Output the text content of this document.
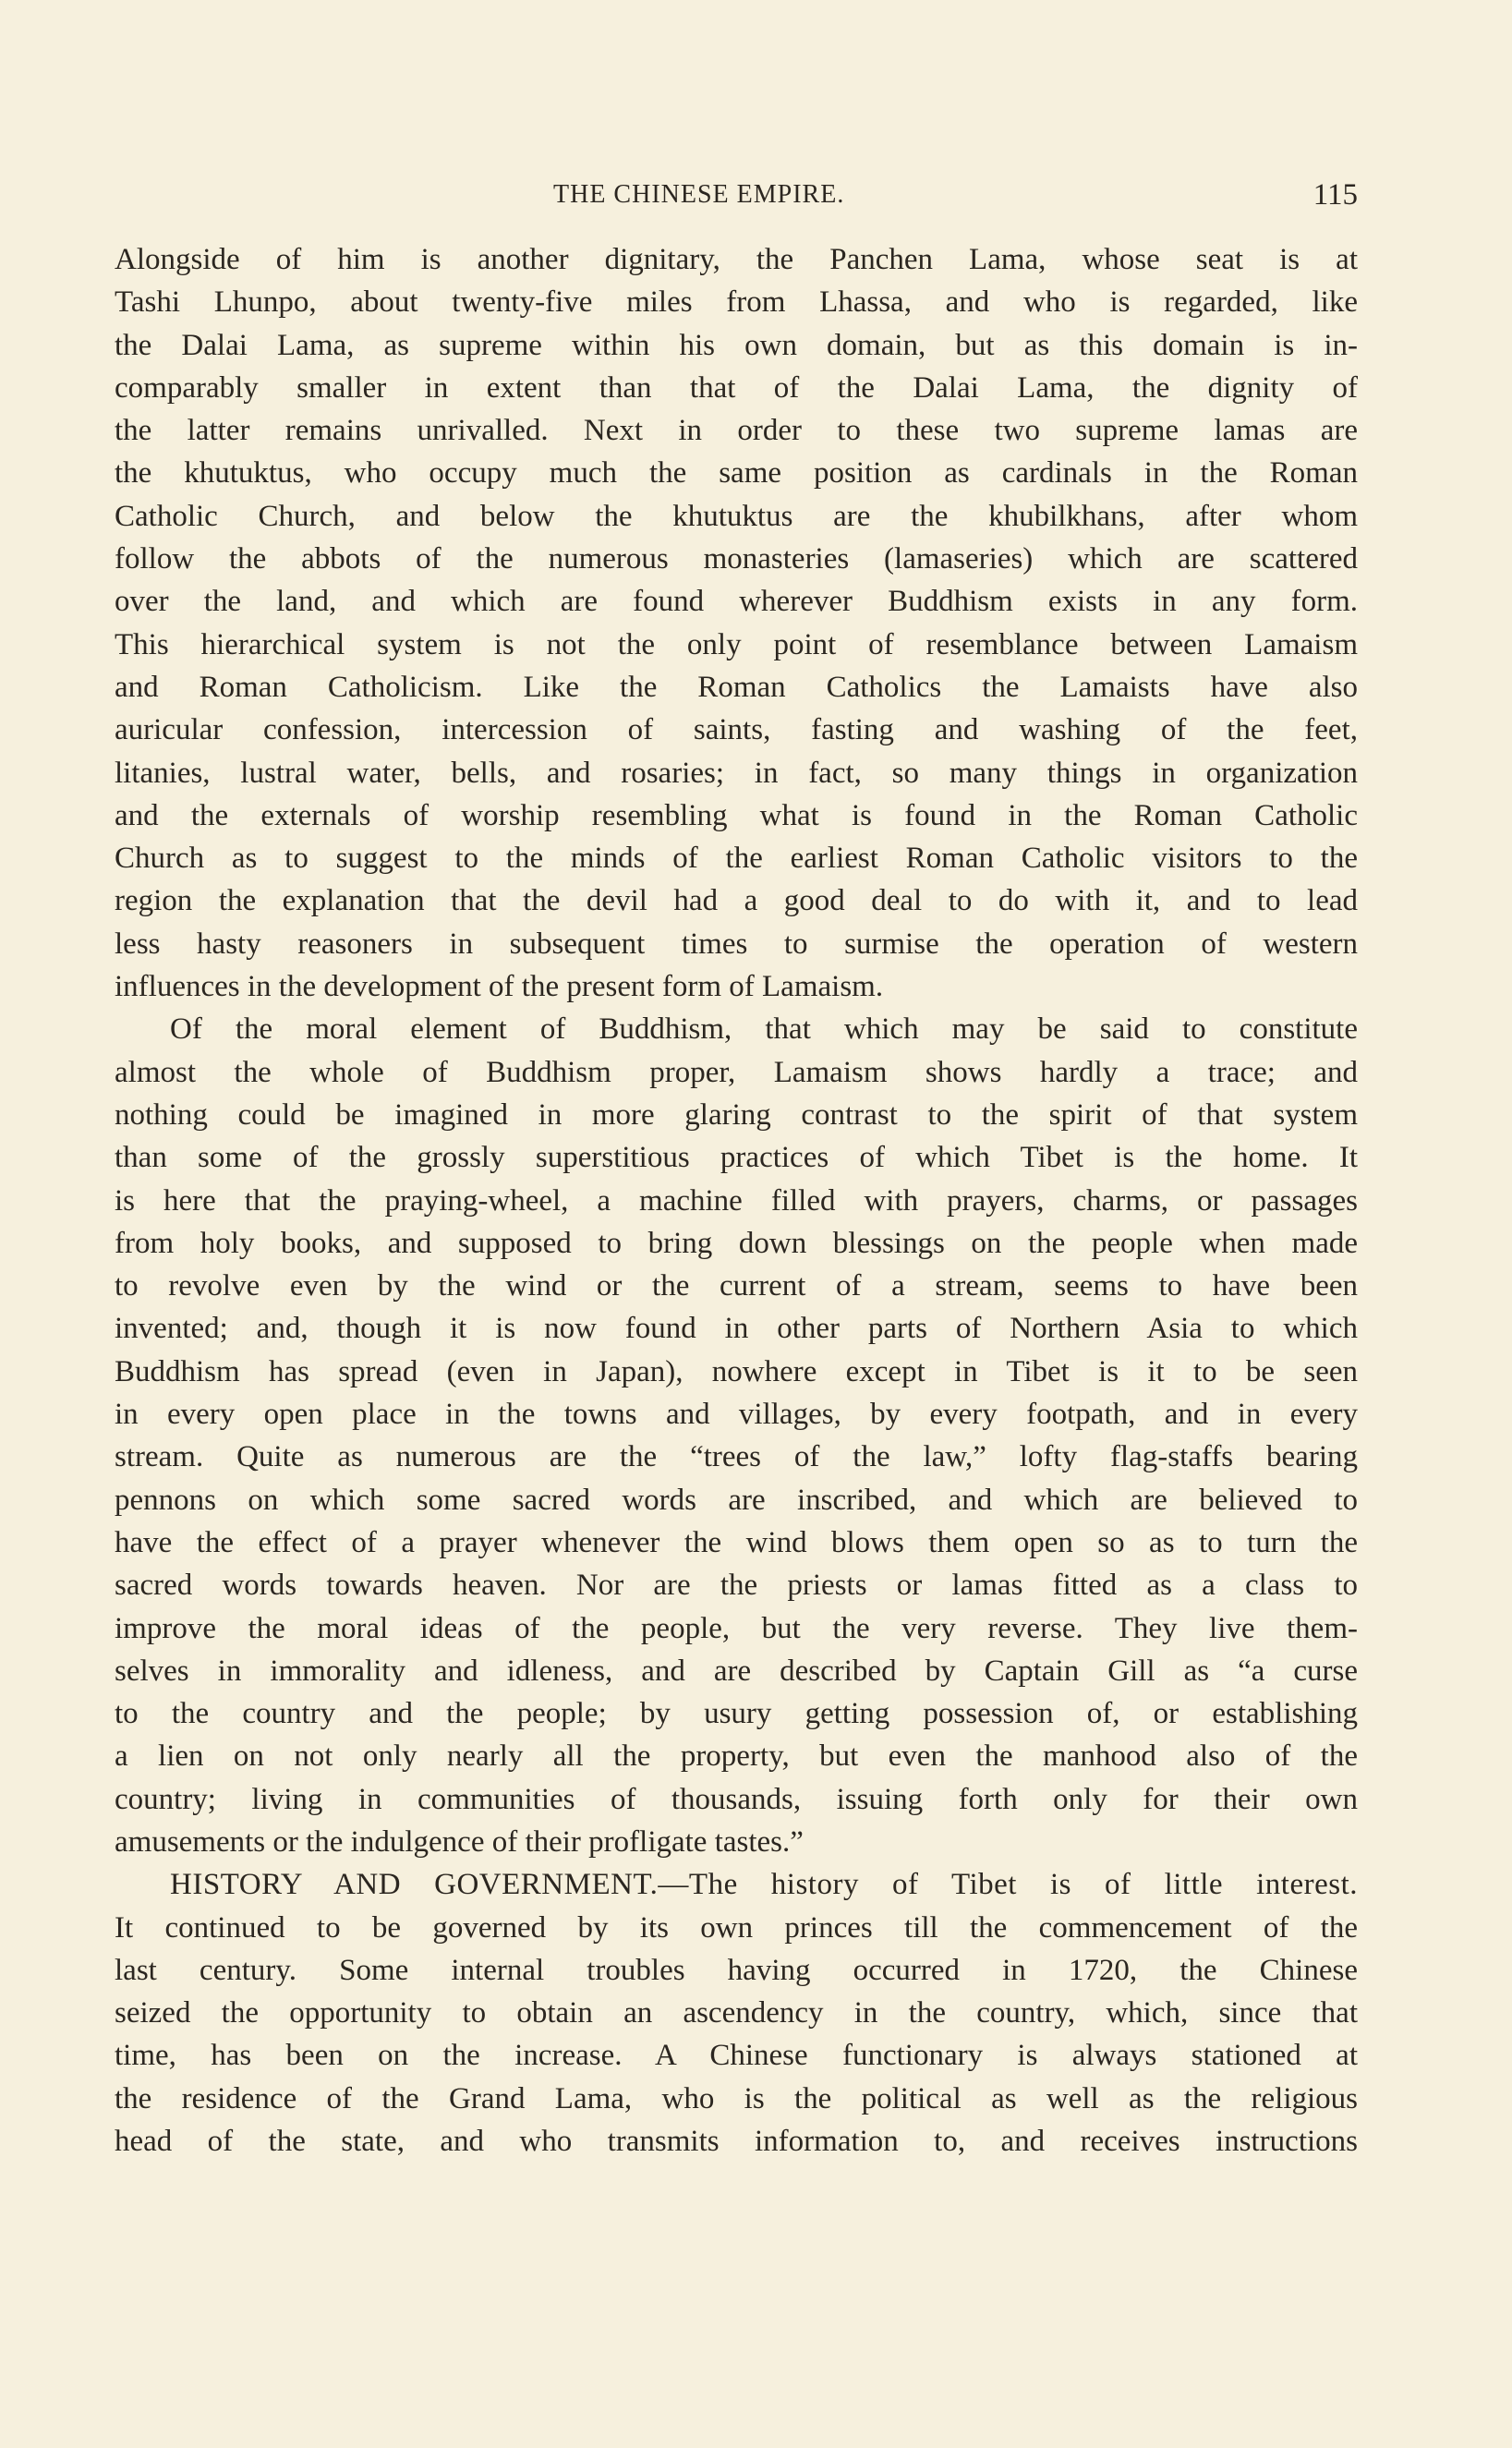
THE CHINESE EMPIRE.	115
Alongside of him is another dignitary, the Panchen Lama, whose seat is at
Tashi Lhunpo, about twenty-five miles from Lhassa, and who is regarded, like
the Dalai Lama, as supreme within his own domain, but as this domain is in-
comparably smaller in extent than that of the Dalai Lama, the dignity of
the latter remains unrivalled. Next in order to these two supreme lamas are
the khutuktus, who occupy much the same position as cardinals in the Roman
Catholic Church, and below the khutuktus are the khubilkhans, after whom
follow the abbots of the numerous monasteries (lamaseries) which are scattered
over the land, and which are found wherever Buddhism exists in any form.
This hierarchical system is not the only point of resemblance between Lamaism
and Roman Catholicism. Like the Roman Catholics the Lamaists have also
auricular confession, intercession of saints, fasting and washing of the feet,
litanies, lustral water, bells, and rosaries; in fact, so many things in organization
and the externals of worship resembling what is found in the Roman Catholic
Church as to suggest to the minds of the earliest Roman Catholic visitors to the
region the explanation that the devil had a good deal to do with it, and to lead
less hasty reasoners in subsequent times to surmise the operation of western
influences in the development of the present form of Lamaism.
Of the moral element of Buddhism, that which may be said to constitute
almost the whole of Buddhism proper, Lamaism shows hardly a trace; and
nothing could be imagined in more glaring contrast to the spirit of that system
than some of the grossly superstitious practices of which Tibet is the home. It
is here that the praying-wheel, a machine filled with prayers, charms, or passages
from holy books, and supposed to bring down blessings on the people when made
to revolve even by the wind or the current of a stream, seems to have been
invented; and, though it is now found in other parts of Northern Asia to which
Buddhism has spread (even in Japan), nowhere except in Tibet is it to be seen
in every open place in the towns and villages, by every footpath, and in every
stream. Quite as numerous are the “trees of the law,” lofty flag-staffs bearing
pennons on which some sacred words are inscribed, and which are believed to
have the effect of a prayer whenever the wind blows them open so as to turn the
sacred words towards heaven. Nor are the priests or lamas fitted as a class to
improve the moral ideas of the people, but the very reverse. They live them-
selves in immorality and idleness, and are described by Captain Gill as “a curse
to the country and the people; by usury getting possession of, or establishing
a lien on not only nearly all the property, but even the manhood also of the
country; living in communities of thousands, issuing forth only for their own
amusements or the indulgence of their profligate tastes.”
HISTORY AND GOVERNMENT.—The history of Tibet is of little interest.
It continued to be governed by its own princes till the commencement of the
last century. Some internal troubles having occurred in 1720, the Chinese
seized the opportunity to obtain an ascendency in the country, which, since that
time, has been on the increase. A Chinese functionary is always stationed at
the residence of the Grand Lama, who is the political as well as the religious
head of the state, and who transmits information to, and receives instructions
